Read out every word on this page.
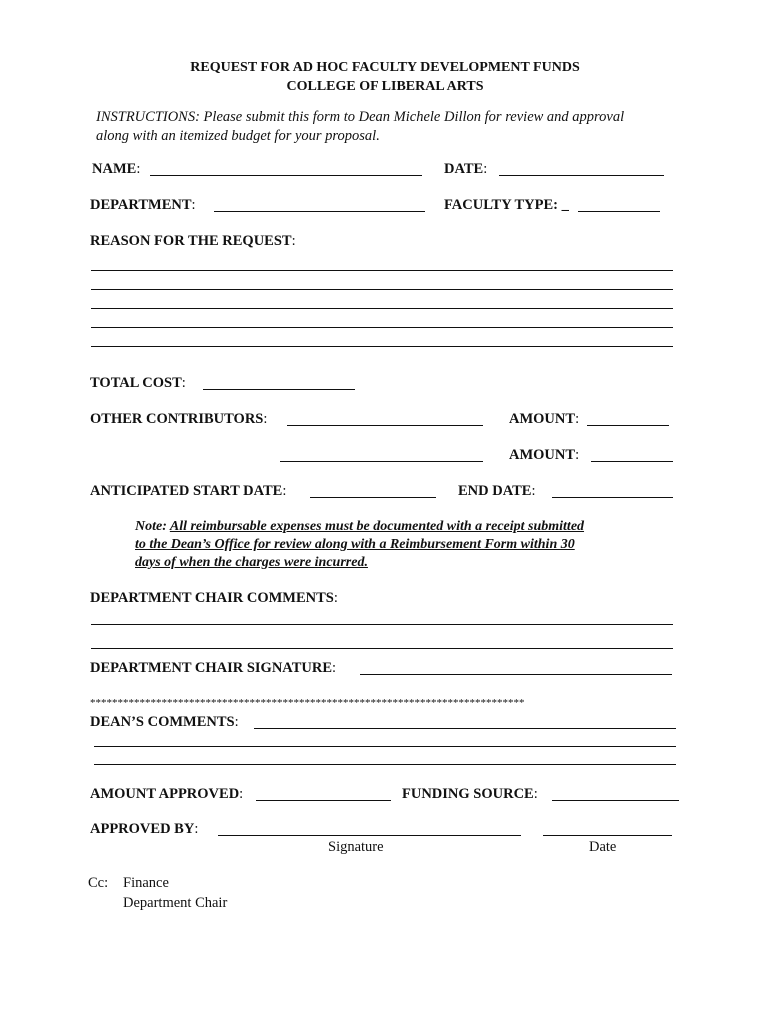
REQUEST FOR AD HOC FACULTY DEVELOPMENT FUNDS
COLLEGE OF LIBERAL ARTS
INSTRUCTIONS: Please submit this form to Dean Michele Dillon for review and approval
along with an itemized budget for your proposal.
NAME:	DATE:
DEPARTMENT:	FACULTY TYPE: _
REASON FOR THE REQUEST:
TOTAL COST:
OTHER CONTRIBUTORS:	AMOUNT:
AMOUNT:
ANTICIPATED START DATE:	END DATE:
Note: All reimbursable expenses must be documented with a receipt submitted
to the Dean’s Office for review along with a Reimbursement Form within 30
days of when the charges were incurred.
DEPARTMENT CHAIR COMMENTS:
DEPARTMENT CHAIR SIGNATURE:
*******************************************************************************
DEAN’S COMMENTS:
AMOUNT APPROVED:	FUNDING SOURCE:
APPROVED BY:
Signature	Date
Cc: Finance
Department Chair
